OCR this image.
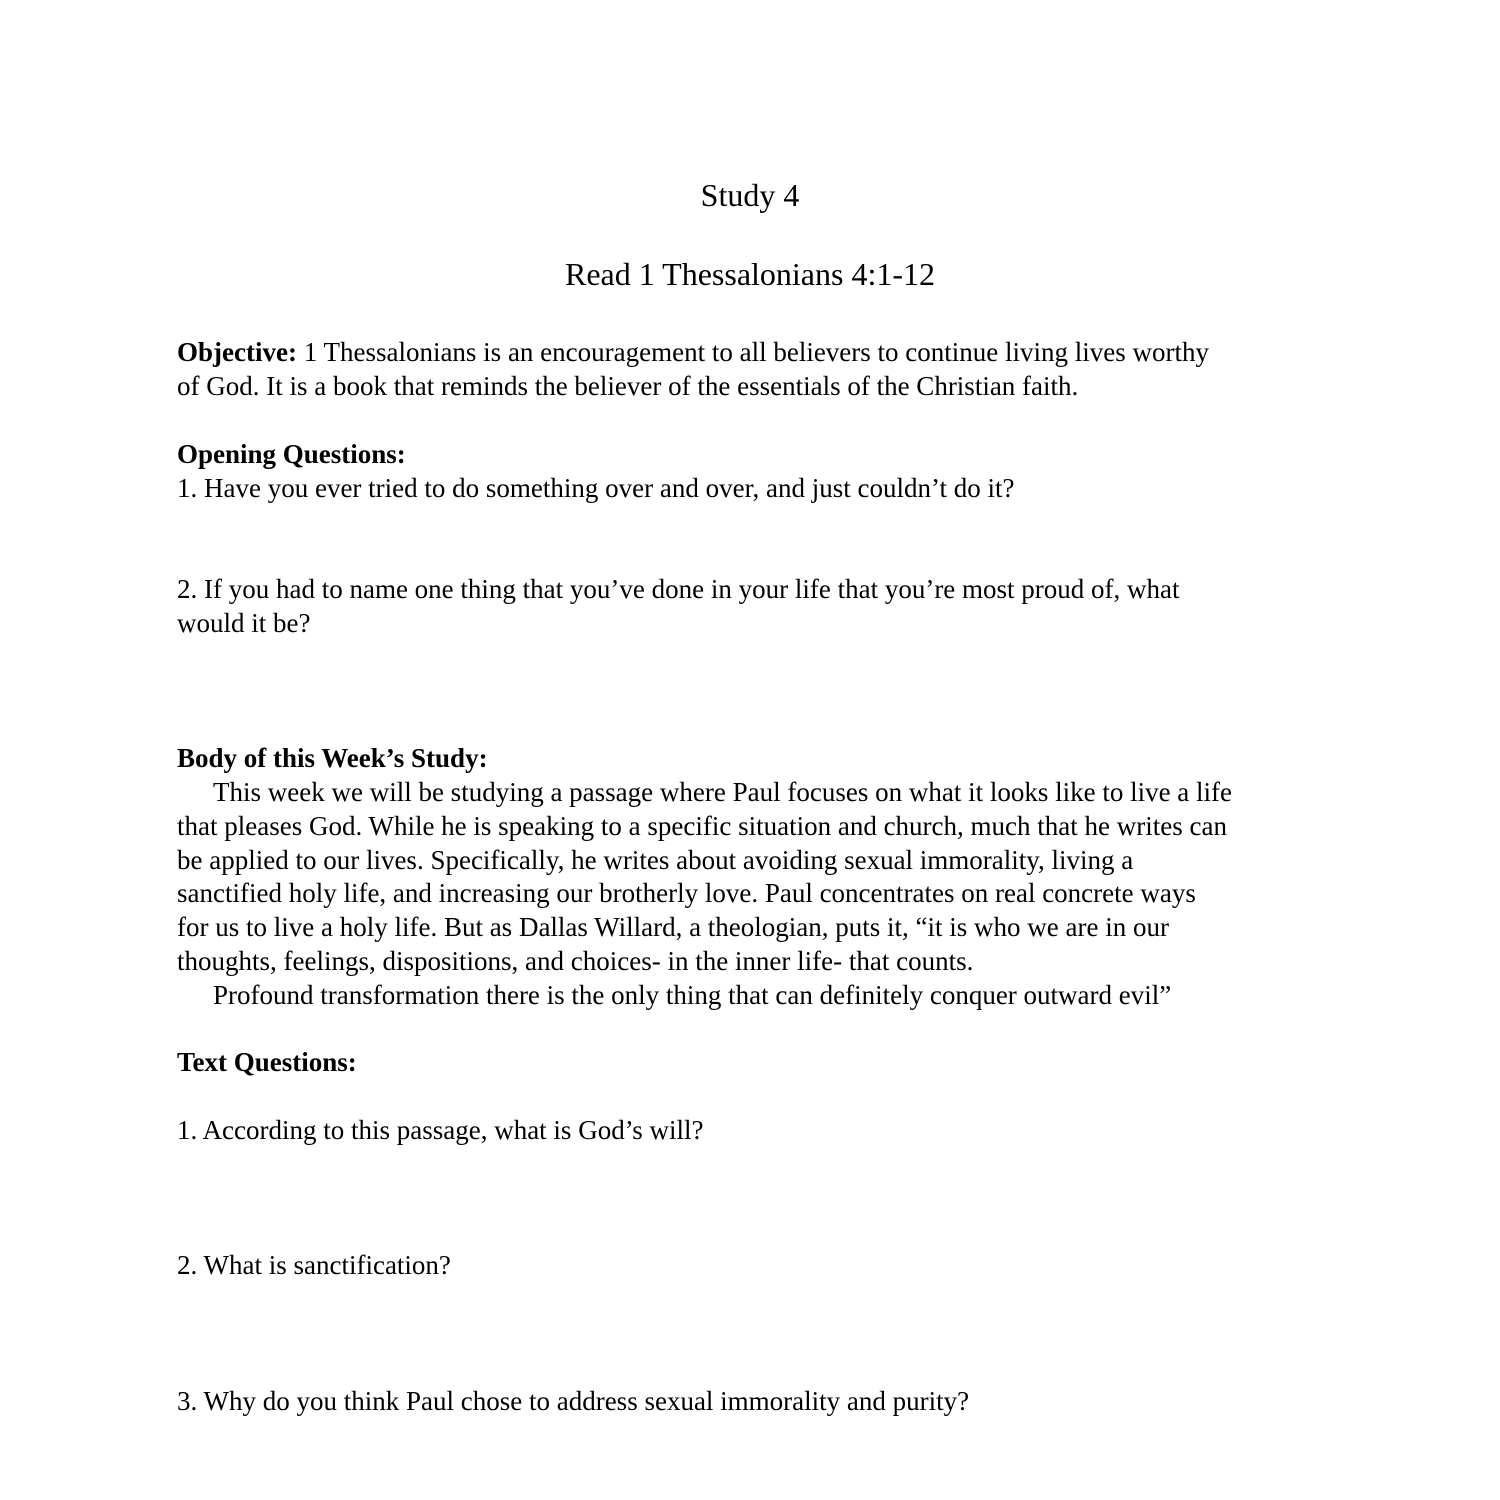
Study 4
Read 1 Thessalonians 4:1-12
Objective: 1 Thessalonians is an encouragement to all believers to continue living lives worthy
of God. It is a book that reminds the believer of the essentials of the Christian faith.
Opening Questions:
1. Have you ever tried to do something over and over, and just couldn’t do it?
2. If you had to name one thing that you’ve done in your life that you’re most proud of, what
would it be?
Body of this Week’s Study:
This week we will be studying a passage where Paul focuses on what it looks like to live a life
that pleases God. While he is speaking to a specific situation and church, much that he writes can
be applied to our lives. Specifically, he writes about avoiding sexual immorality, living a
sanctified holy life, and increasing our brotherly love. Paul concentrates on real concrete ways
for us to live a holy life. But as Dallas Willard, a theologian, puts it, “it is who we are in our
thoughts, feelings, dispositions, and choices- in the inner life- that counts.
Profound transformation there is the only thing that can definitely conquer outward evil”
Text Questions:
1. According to this passage, what is God’s will?
2. What is sanctification?
3. Why do you think Paul chose to address sexual immorality and purity?
